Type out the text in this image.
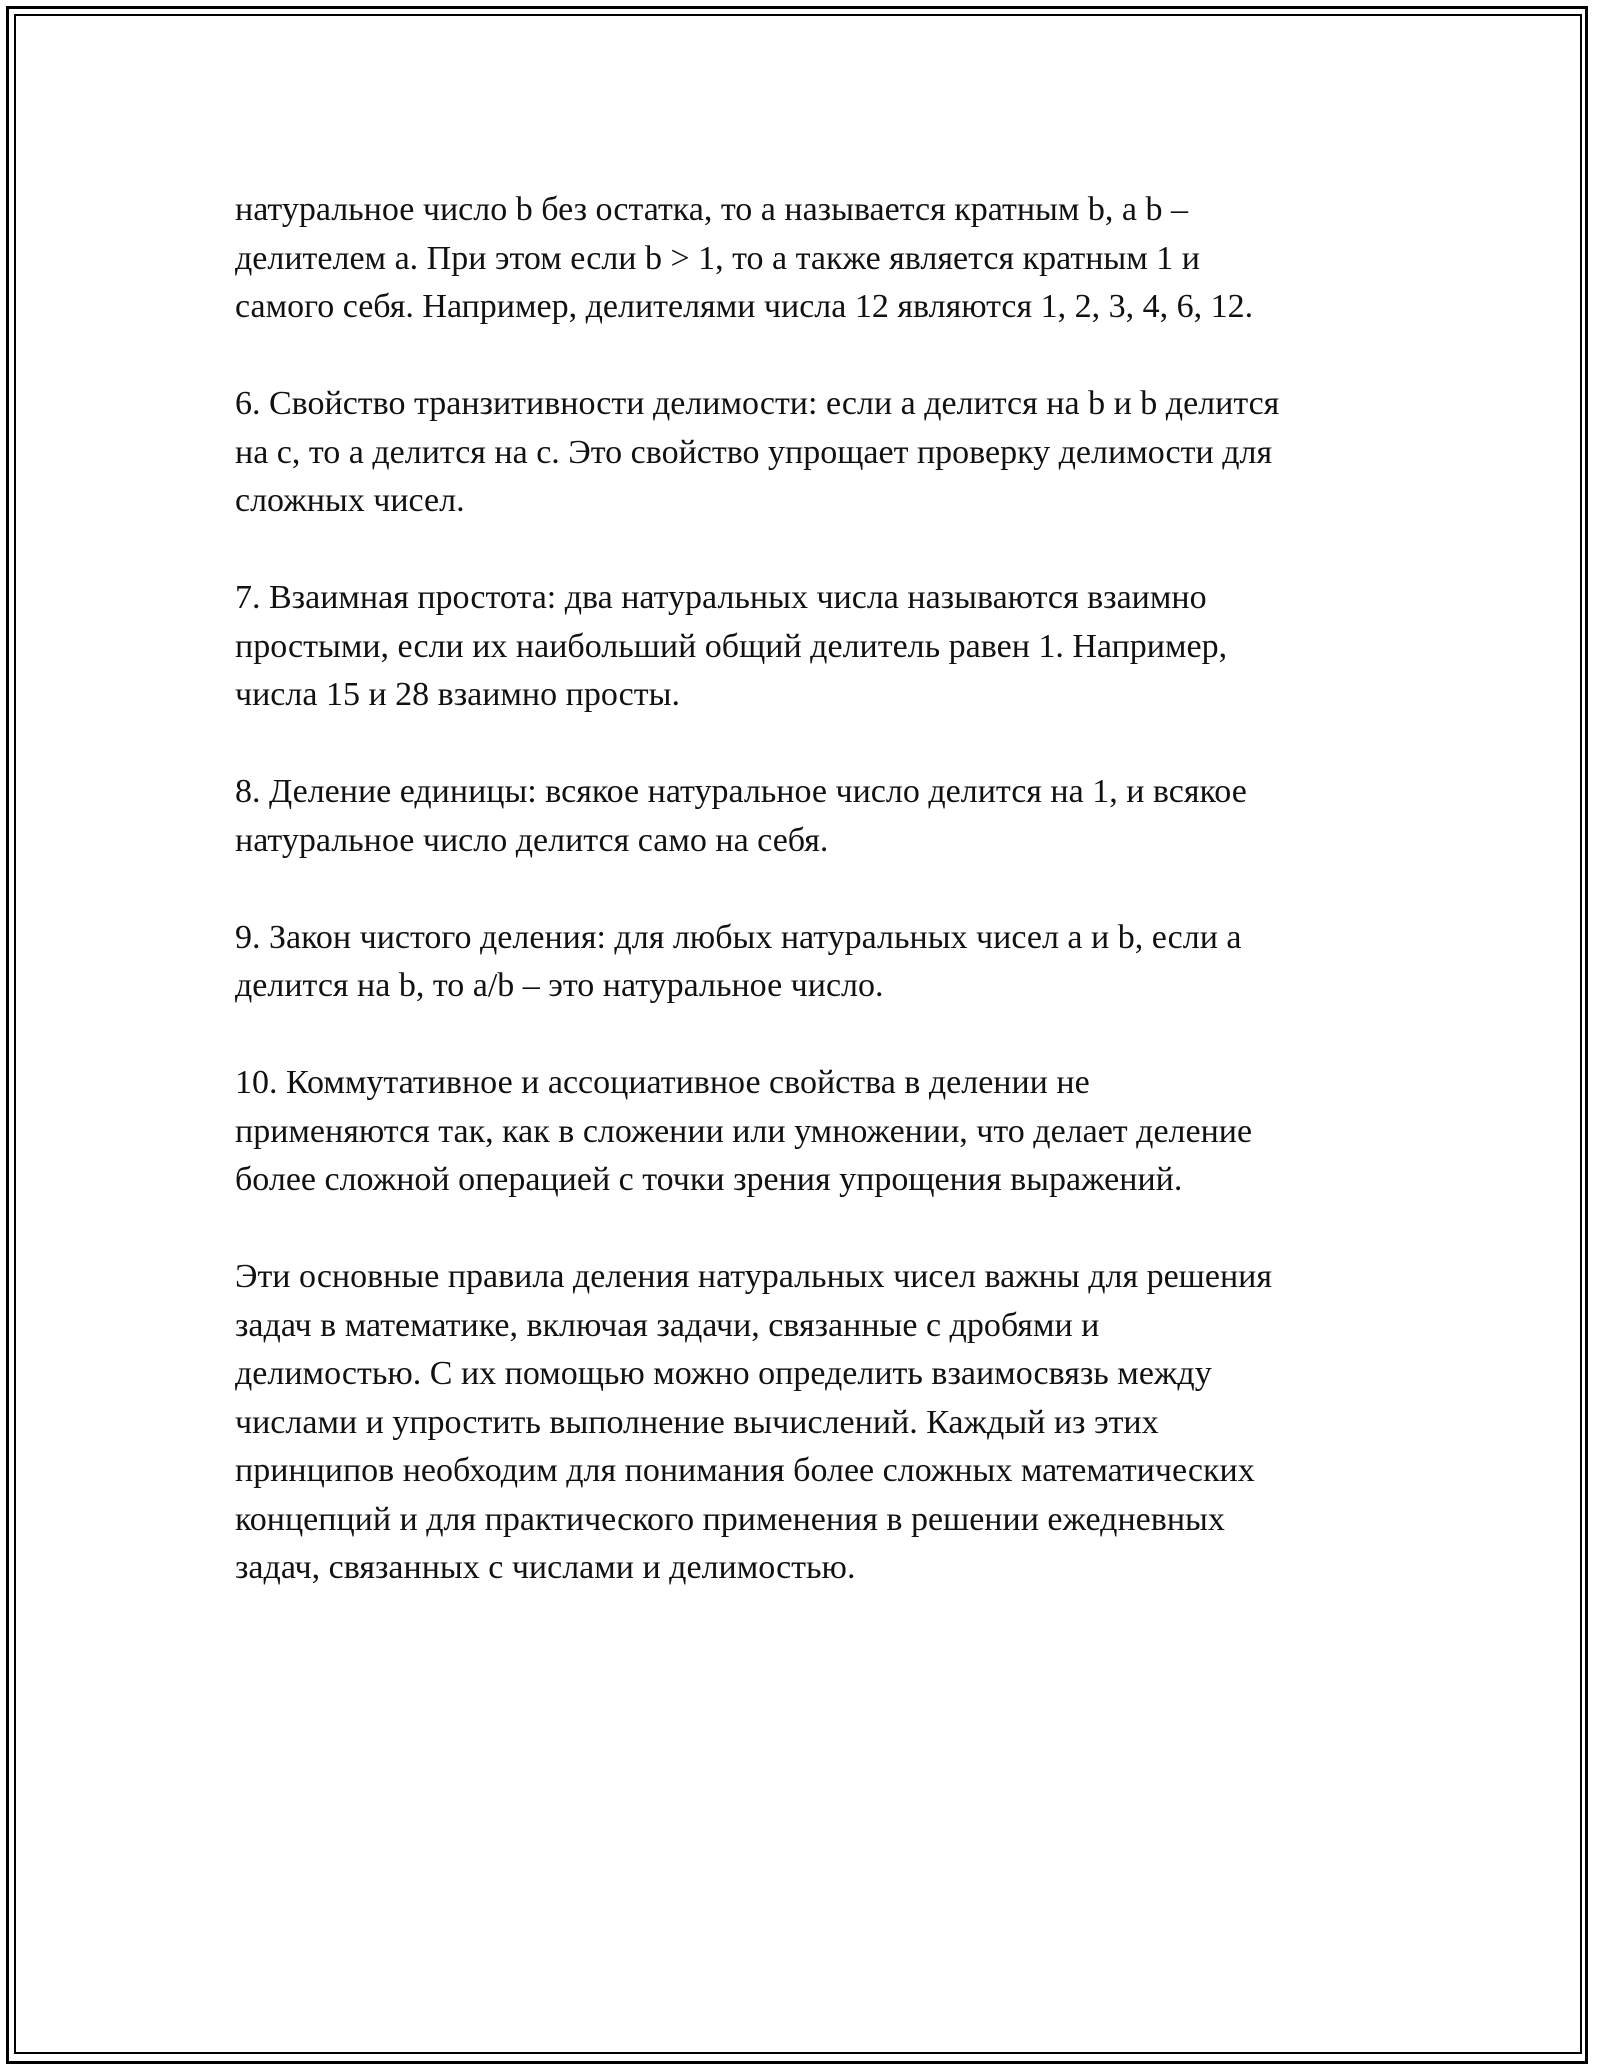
натуральное число b без остатка, то a называется кратным b, а b –
делителем a. При этом если b > 1, то a также является кратным 1 и
самого себя. Например, делителями числа 12 являются 1, 2, 3, 4, 6, 12.

6. Свойство транзитивности делимости: если a делится на b и b делится
на c, то a делится на c. Это свойство упрощает проверку делимости для
сложных чисел.

7. Взаимная простота: два натуральных числа называются взаимно
простыми, если их наибольший общий делитель равен 1. Например,
числа 15 и 28 взаимно просты.

8. Деление единицы: всякое натуральное число делится на 1, и всякое
натуральное число делится само на себя.

9. Закон чистого деления: для любых натуральных чисел a и b, если a
делится на b, то a/b – это натуральное число.

10. Коммутативное и ассоциативное свойства в делении не
применяются так, как в сложении или умножении, что делает деление
более сложной операцией с точки зрения упрощения выражений.

Эти основные правила деления натуральных чисел важны для решения
задач в математике, включая задачи, связанные с дробями и
делимостью. С их помощью можно определить взаимосвязь между
числами и упростить выполнение вычислений. Каждый из этих
принципов необходим для понимания более сложных математических
концепций и для практического применения в решении ежедневных
задач, связанных с числами и делимостью.
